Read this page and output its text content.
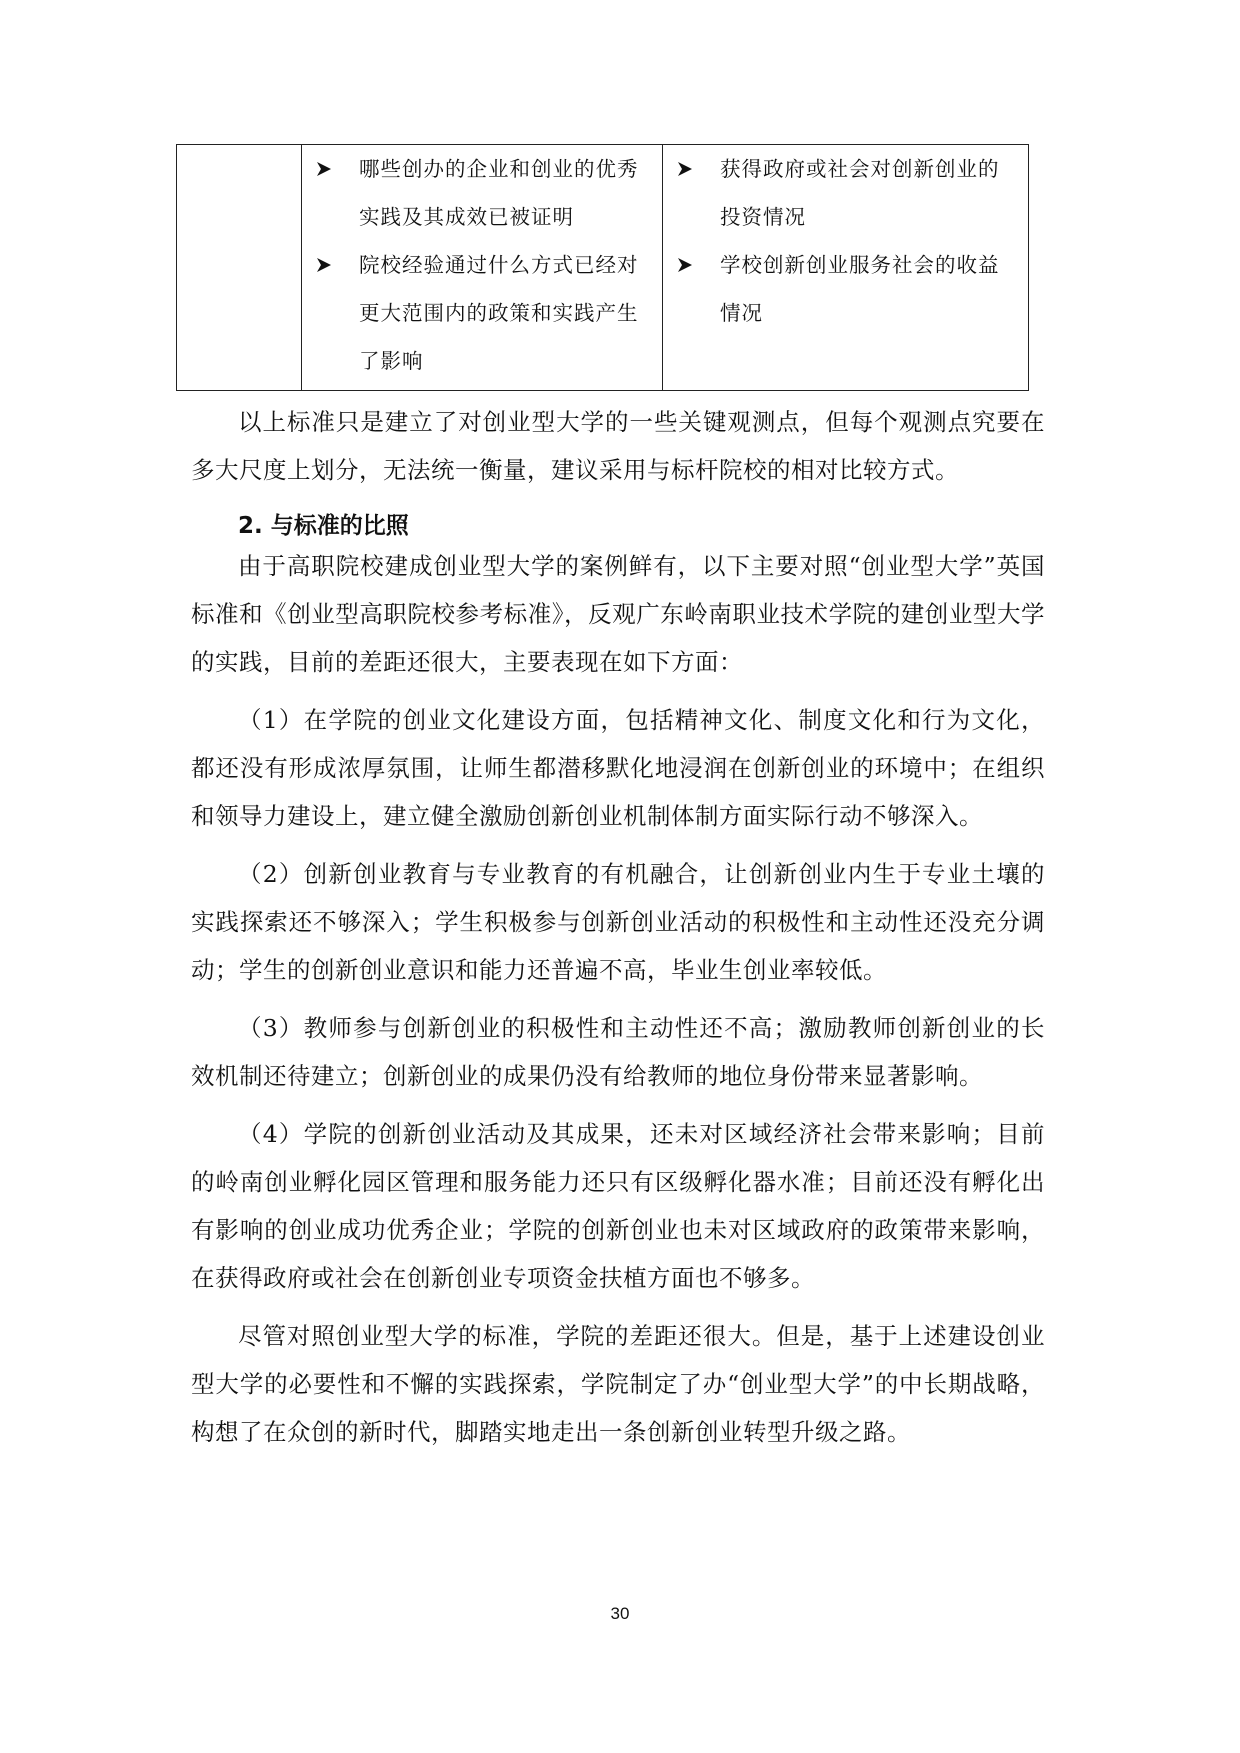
哪些创办的企业和创业的优秀实践及其成效已被证明
院校经验通过什么方式已经对更大范围内的政策和实践产生了影响

获得政府或社会对创新创业的投资情况
学校创新创业服务社会的收益情况

以上标准只是建立了对创业型大学的一些关键观测点，但每个观测点究要在多大尺度上划分，无法统一衡量，建议采用与标杆院校的相对比较方式。

2. 与标准的比照

由于高职院校建成创业型大学的案例鲜有，以下主要对照“创业型大学”英国标准和《创业型高职院校参考标准》，反观广东岭南职业技术学院的建创业型大学的实践，目前的差距还很大，主要表现在如下方面：

（1）在学院的创业文化建设方面，包括精神文化、制度文化和行为文化，都还没有形成浓厚氛围，让师生都潜移默化地浸润在创新创业的环境中；在组织和领导力建设上，建立健全激励创新创业机制体制方面实际行动不够深入。

（2）创新创业教育与专业教育的有机融合，让创新创业内生于专业土壤的实践探索还不够深入；学生积极参与创新创业活动的积极性和主动性还没充分调动；学生的创新创业意识和能力还普遍不高，毕业生创业率较低。

（3）教师参与创新创业的积极性和主动性还不高；激励教师创新创业的长效机制还待建立；创新创业的成果仍没有给教师的地位身份带来显著影响。

（4）学院的创新创业活动及其成果，还未对区域经济社会带来影响；目前的岭南创业孵化园区管理和服务能力还只有区级孵化器水准；目前还没有孵化出有影响的创业成功优秀企业；学院的创新创业也未对区域政府的政策带来影响，在获得政府或社会在创新创业专项资金扶植方面也不够多。

尽管对照创业型大学的标准，学院的差距还很大。但是，基于上述建设创业型大学的必要性和不懈的实践探索，学院制定了办“创业型大学”的中长期战略，构想了在众创的新时代，脚踏实地走出一条创新创业转型升级之路。

30
